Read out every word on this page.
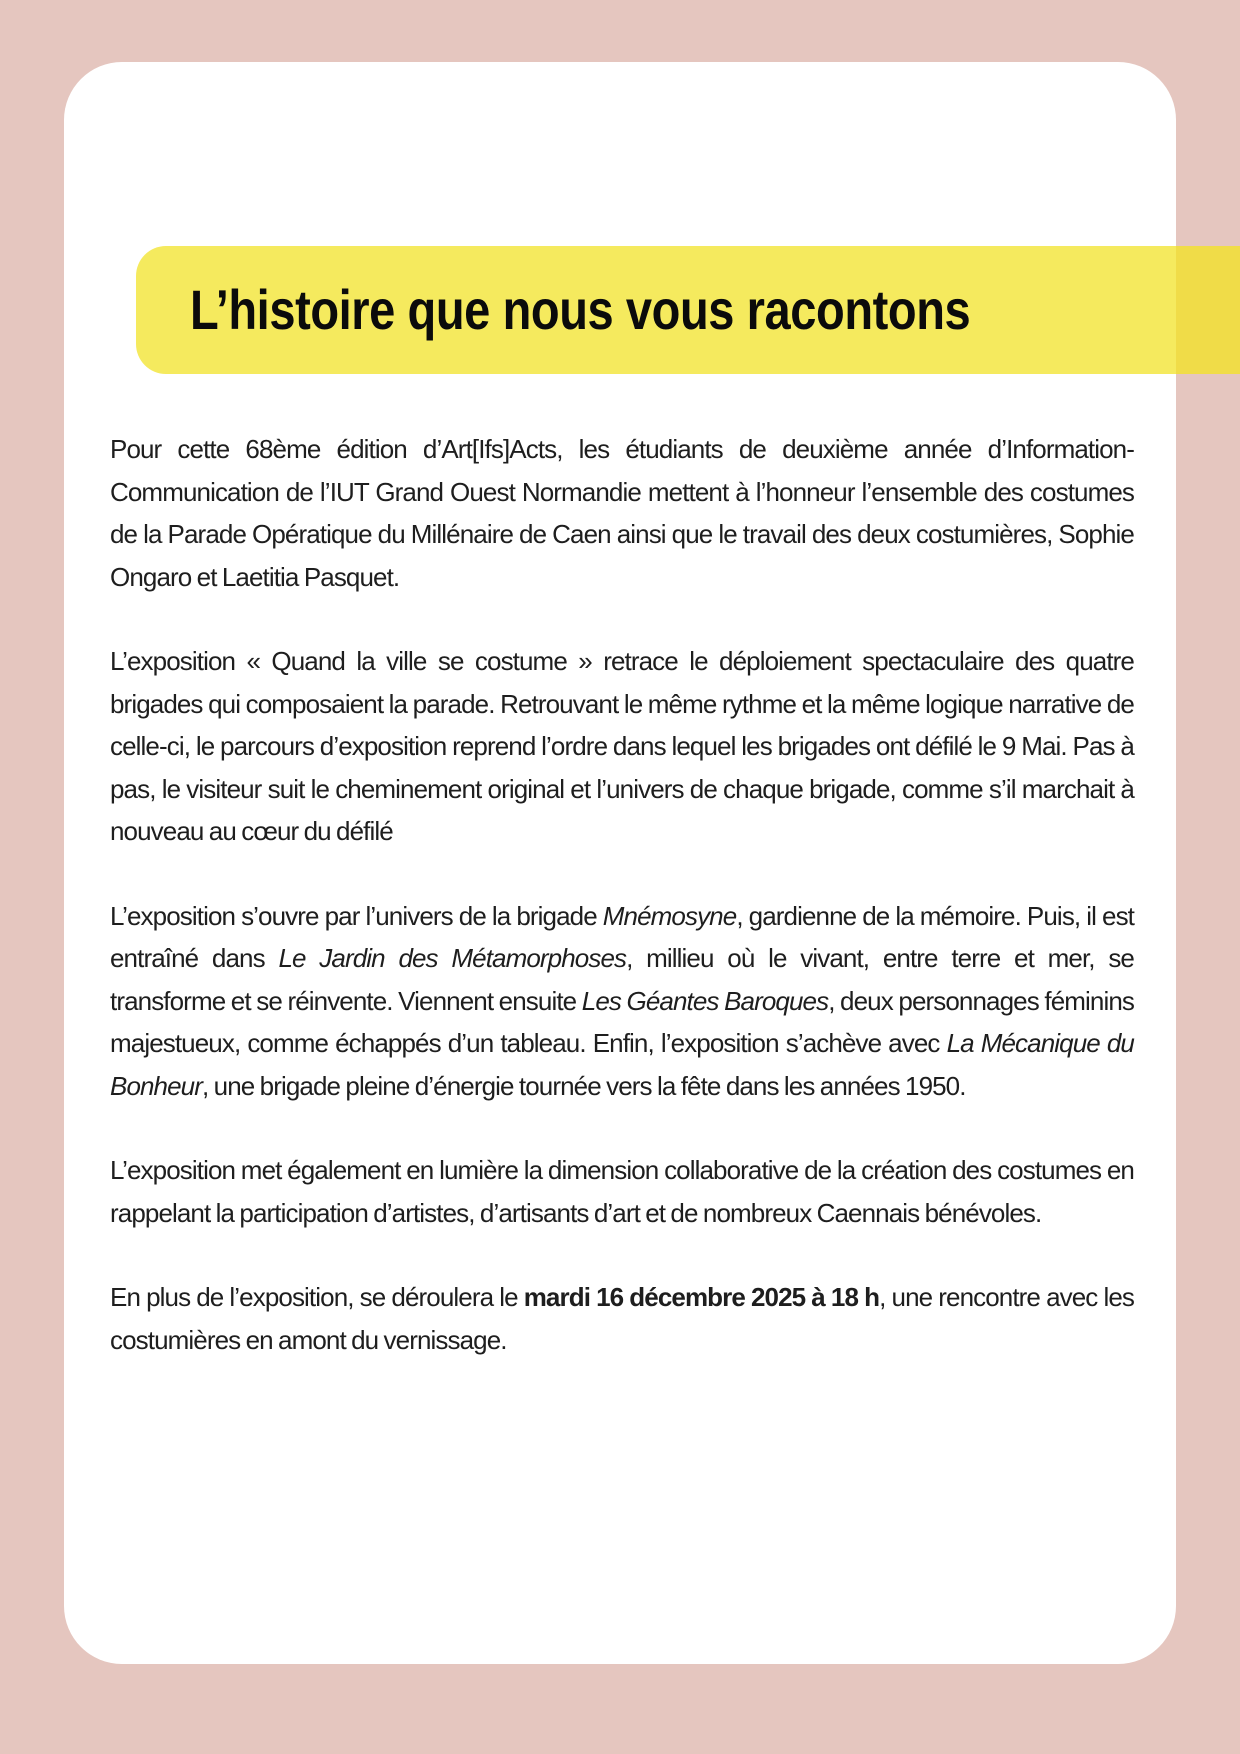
L’histoire que nous vous racontons

Pour cette 68ème édition d’Art[Ifs]Acts, les étudiants de deuxième année d’Information-Communication de l’IUT Grand Ouest Normandie mettent à l’honneur l’ensemble des costumes de la Parade Opératique du Millénaire de Caen ainsi que le travail des deux costumières, Sophie Ongaro et Laetitia Pasquet.

L’exposition « Quand la ville se costume » retrace le déploiement spectaculaire des quatre brigades qui composaient la parade. Retrouvant le même rythme et la même logique narrative de celle-ci, le parcours d’exposition reprend l’ordre dans lequel les brigades ont défilé le 9 Mai. Pas à pas, le visiteur suit le cheminement original et l’univers de chaque brigade, comme s’il marchait à nouveau au cœur du défilé

L’exposition s’ouvre par l’univers de la brigade Mnémosyne, gardienne de la mémoire. Puis, il est entraîné dans Le Jardin des Métamorphoses, millieu où le vivant, entre terre et mer, se transforme et se réinvente. Viennent ensuite Les Géantes Baroques, deux personnages féminins majestueux, comme échappés d’un tableau. Enfin, l’exposition s’achève avec La Mécanique du Bonheur, une brigade pleine d’énergie tournée vers la fête dans les années 1950.

L’exposition met également en lumière la dimension collaborative de la création des costumes en rappelant la participation d’artistes, d’artisants d’art et de nombreux Caennais bénévoles.

En plus de l’exposition, se déroulera le mardi 16 décembre 2025 à 18 h, une rencontre avec les costumières en amont du vernissage.
